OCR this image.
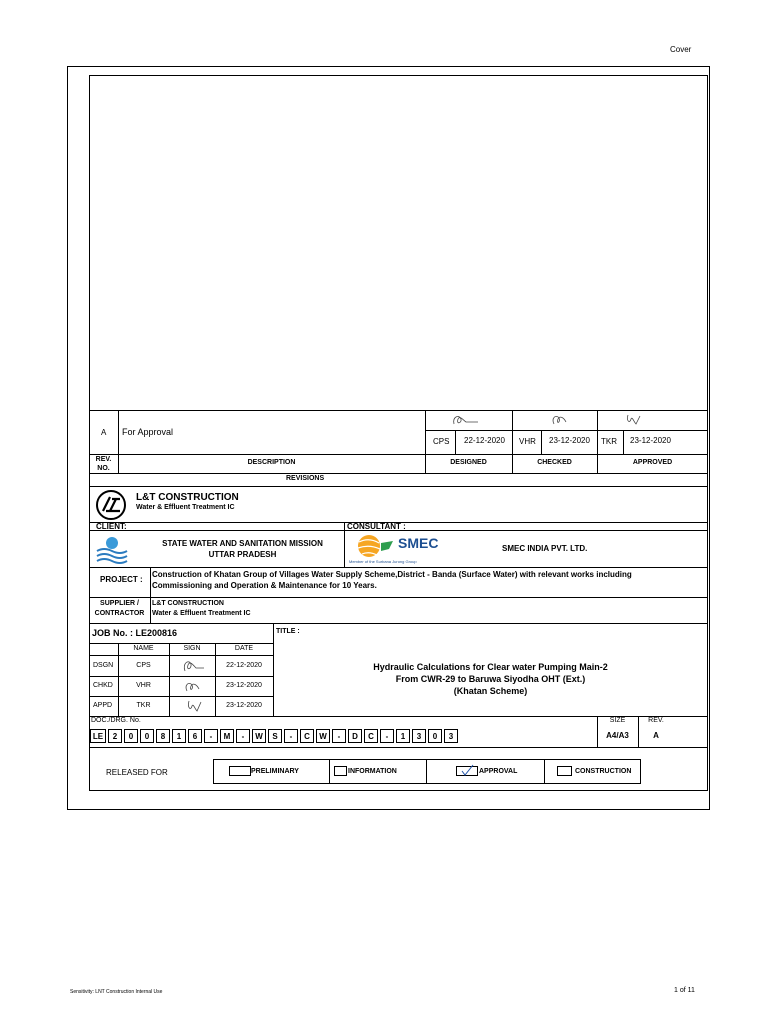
Cover
A For Approval
CPS 22-12-2020 VHR 23-12-2020 TKR 23-12-2020
REV.
NO.
DESCRIPTION	DESIGNED	CHECKED	APPROVED
REVISIONS
L&T CONSTRUCTION
Water & Effluent Treatment IC
CLIENT:	CONSULTANT :
STATE WATER AND SANITATION MISSION
UTTAR PRADESH
SMEC
Member of the Surbana Jurong Group
SMEC INDIA PVT. LTD.
PROJECT :
Construction of Khatan Group of Villages Water Supply Scheme,District - Banda (Surface Water) with relevant works including
Commissioning and Operation & Maintenance for 10 Years.
SUPPLIER /
CONTRACTOR
L&T CONSTRUCTION
Water & Effluent Treatment IC
JOB No. : LE200816	TITLE :
NAME	SIGN	DATE
DSGN	CPS	22-12-2020
CHKD	VHR	23-12-2020
APPD	TKR	23-12-2020
Hydraulic Calculations for Clear water Pumping Main-2
From CWR-29 to Baruwa Siyodha OHT (Ext.)
(Khatan Scheme)
DOC./DRG. No.	SIZE
A4/A3
REV.
A
LE	2	0	0	8	1	6	-	M	-	W	S	-	C	W	-	D	C	-	1	3	0	3
RELEASED FOR	PRELIMINARY	INFORMATION	APPROVAL	CONSTRUCTION
Sensitivity: LNT Construction Internal Use	1 of 11
